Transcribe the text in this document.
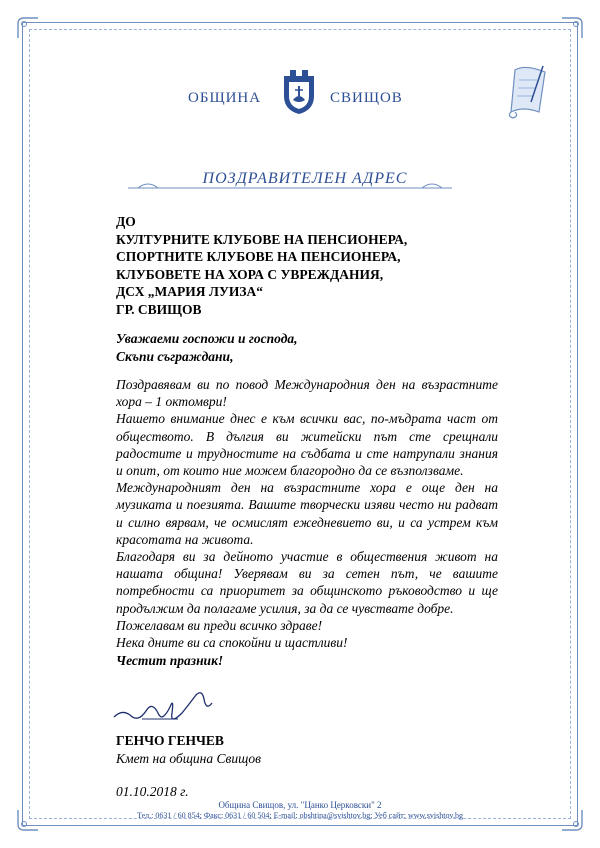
ОБЩИНА	СВИЩОВ
ПОЗДРАВИТЕЛЕН АДРЕС
ДО
КУЛТУРНИТЕ КЛУБОВЕ НА ПЕНСИОНЕРА,
СПОРТНИТЕ КЛУБОВЕ НА ПЕНСИОНЕРА,
КЛУБОВЕТЕ НА ХОРА С УВРЕЖДАНИЯ,
ДСХ „МАРИЯ ЛУИЗА“
ГР. СВИЩОВ
Уважаеми госпожи и господа,
Скъпи съграждани,

Поздравявам ви по повод Международния ден на възрастните хора – 1 октомври!

Нашето внимание днес е към всички вас, по-мъдрата част от обществото. В дългия ви житейски път сте срещнали радостите и трудностите на съдбата и сте натрупали знания и опит, от които ние можем благородно да се възползваме.

Международният ден на възрастните хора е още ден на музиката и поезията. Вашите творчески изяви често ни радват и силно вярвам, че осмислят ежедневието ви, и са устрем към красотата на живота.

Благодаря ви за дейното участие в обществения живот на нашата община! Уверявам ви за сетен път, че вашите потребности са приоритет за общинското ръководство и ще продължим да полагаме усилия, за да се чувствате добре.

Пожелавам ви преди всичко здраве!

Нека дните ви са спокойни и щастливи!

Честит празник!
ГЕНЧО ГЕНЧЕВ
Кмет на община Свищов
01.10.2018 г.
Община Свищов, ул. "Цанко Церковски" 2
Тел.: 0631 / 60 854; Факс: 0631 / 60 504; E-mail: obshtina@svishtov.bg; Уеб сайт: www.svishtov.bg
